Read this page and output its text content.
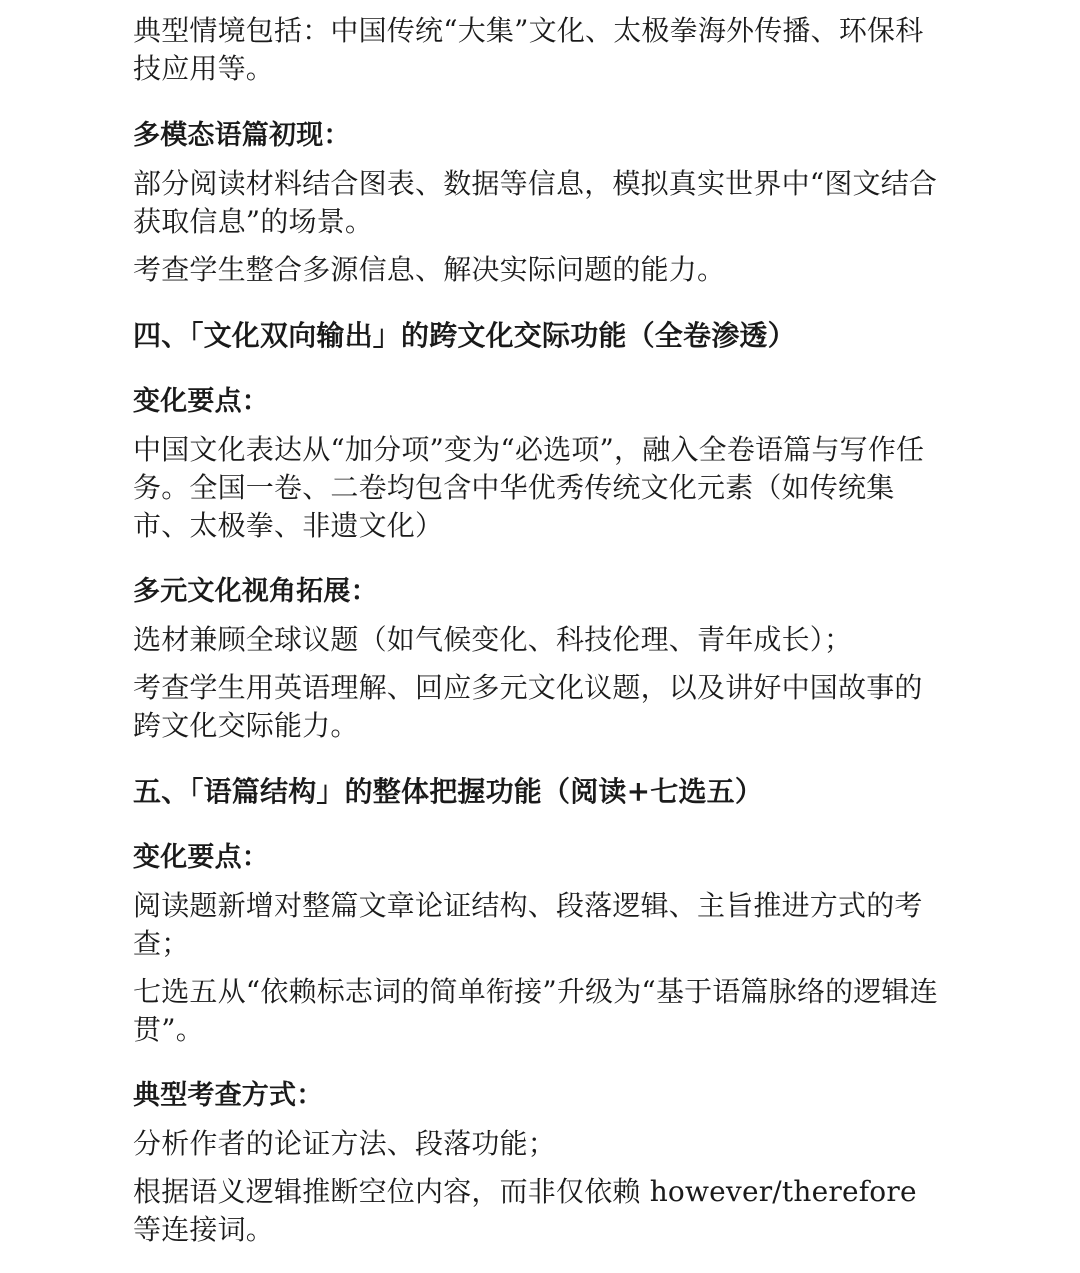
典型情境包括：中国传统“大集”文化、太极拳海外传播、环保科技应用等。

多模态语篇初现：

部分阅读材料结合图表、数据等信息，模拟真实世界中“图文结合获取信息”的场景。

考查学生整合多源信息、解决实际问题的能力。

四、「文化双向输出」的跨文化交际功能（全卷渗透）

变化要点：

中国文化表达从“加分项”变为“必选项”，融入全卷语篇与写作任务。全国一卷、二卷均包含中华优秀传统文化元素（如传统集市、太极拳、非遗文化）

多元文化视角拓展：

选材兼顾全球议题（如气候变化、科技伦理、青年成长）；

考查学生用英语理解、回应多元文化议题，以及讲好中国故事的跨文化交际能力。

五、「语篇结构」的整体把握功能（阅读+七选五）

变化要点：

阅读题新增对整篇文章论证结构、段落逻辑、主旨推进方式的考查；

七选五从“依赖标志词的简单衔接”升级为“基于语篇脉络的逻辑连贯”。

典型考查方式：

分析作者的论证方法、段落功能；

根据语义逻辑推断空位内容，而非仅依赖 however/therefore 等连接词。
